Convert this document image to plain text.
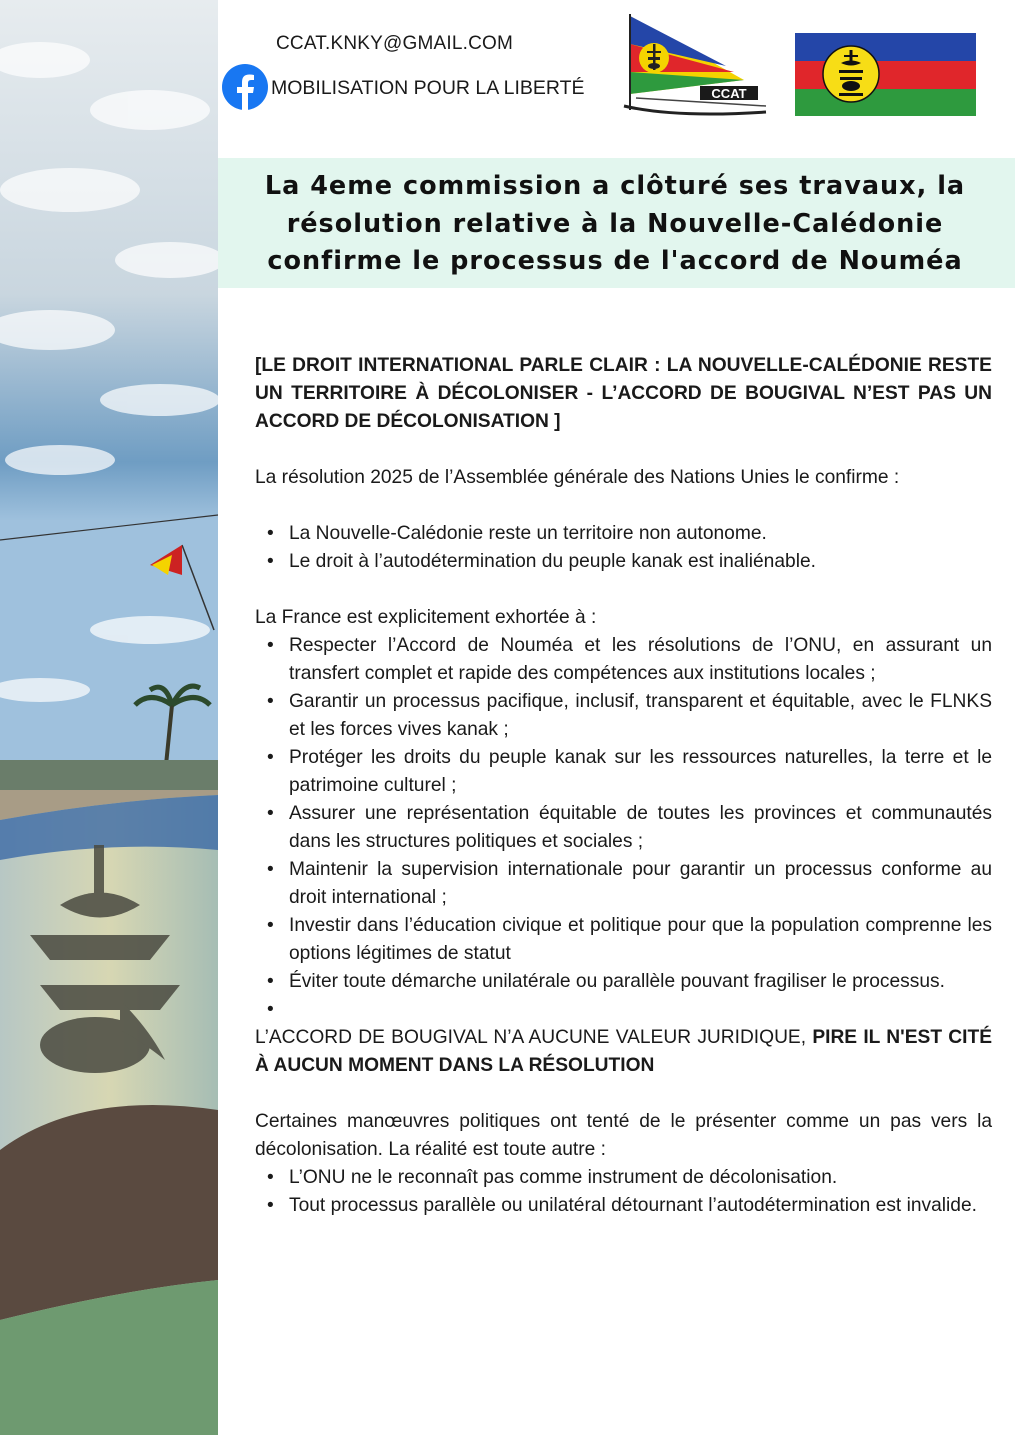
CCAT.KNKY@GMAIL.COM
MOBILISATION POUR LA LIBERTÉ	CCAT
La 4eme commission a clôturé ses travaux, la résolution relative à la Nouvelle-Calédonie confirme le processus de l'accord de Nouméa

[LE DROIT INTERNATIONAL PARLE CLAIR : LA NOUVELLE-CALÉDONIE RESTE UN TERRITOIRE À DÉCOLONISER - L’ACCORD DE BOUGIVAL N’EST PAS UN ACCORD DE DÉCOLONISATION ]

La résolution 2025 de l’Assemblée générale des Nations Unies le confirme :

• La Nouvelle-Calédonie reste un territoire non autonome.
• Le droit à l’autodétermination du peuple kanak est inaliénable.

La France est explicitement exhortée à :

• Respecter l’Accord de Nouméa et les résolutions de l’ONU, en assurant un transfert complet et rapide des compétences aux institutions locales ;
• Garantir un processus pacifique, inclusif, transparent et équitable, avec le FLNKS et les forces vives kanak ;
• Protéger les droits du peuple kanak sur les ressources naturelles, la terre et le patrimoine culturel ;
• Assurer une représentation équitable de toutes les provinces et communautés dans les structures politiques et sociales ;
• Maintenir la supervision internationale pour garantir un processus conforme au droit international ;
• Investir dans l’éducation civique et politique pour que la population comprenne les options légitimes de statut
• Éviter toute démarche unilatérale ou parallèle pouvant fragiliser le processus.
•

L’ACCORD DE BOUGIVAL N’A AUCUNE VALEUR JURIDIQUE, PIRE IL N'EST CITÉ À AUCUN MOMENT DANS LA RÉSOLUTION

Certaines manœuvres politiques ont tenté de le présenter comme un pas vers la décolonisation. La réalité est toute autre :

• L’ONU ne le reconnaît pas comme instrument de décolonisation.
• Tout processus parallèle ou unilatéral détournant l’autodétermination est invalide.
